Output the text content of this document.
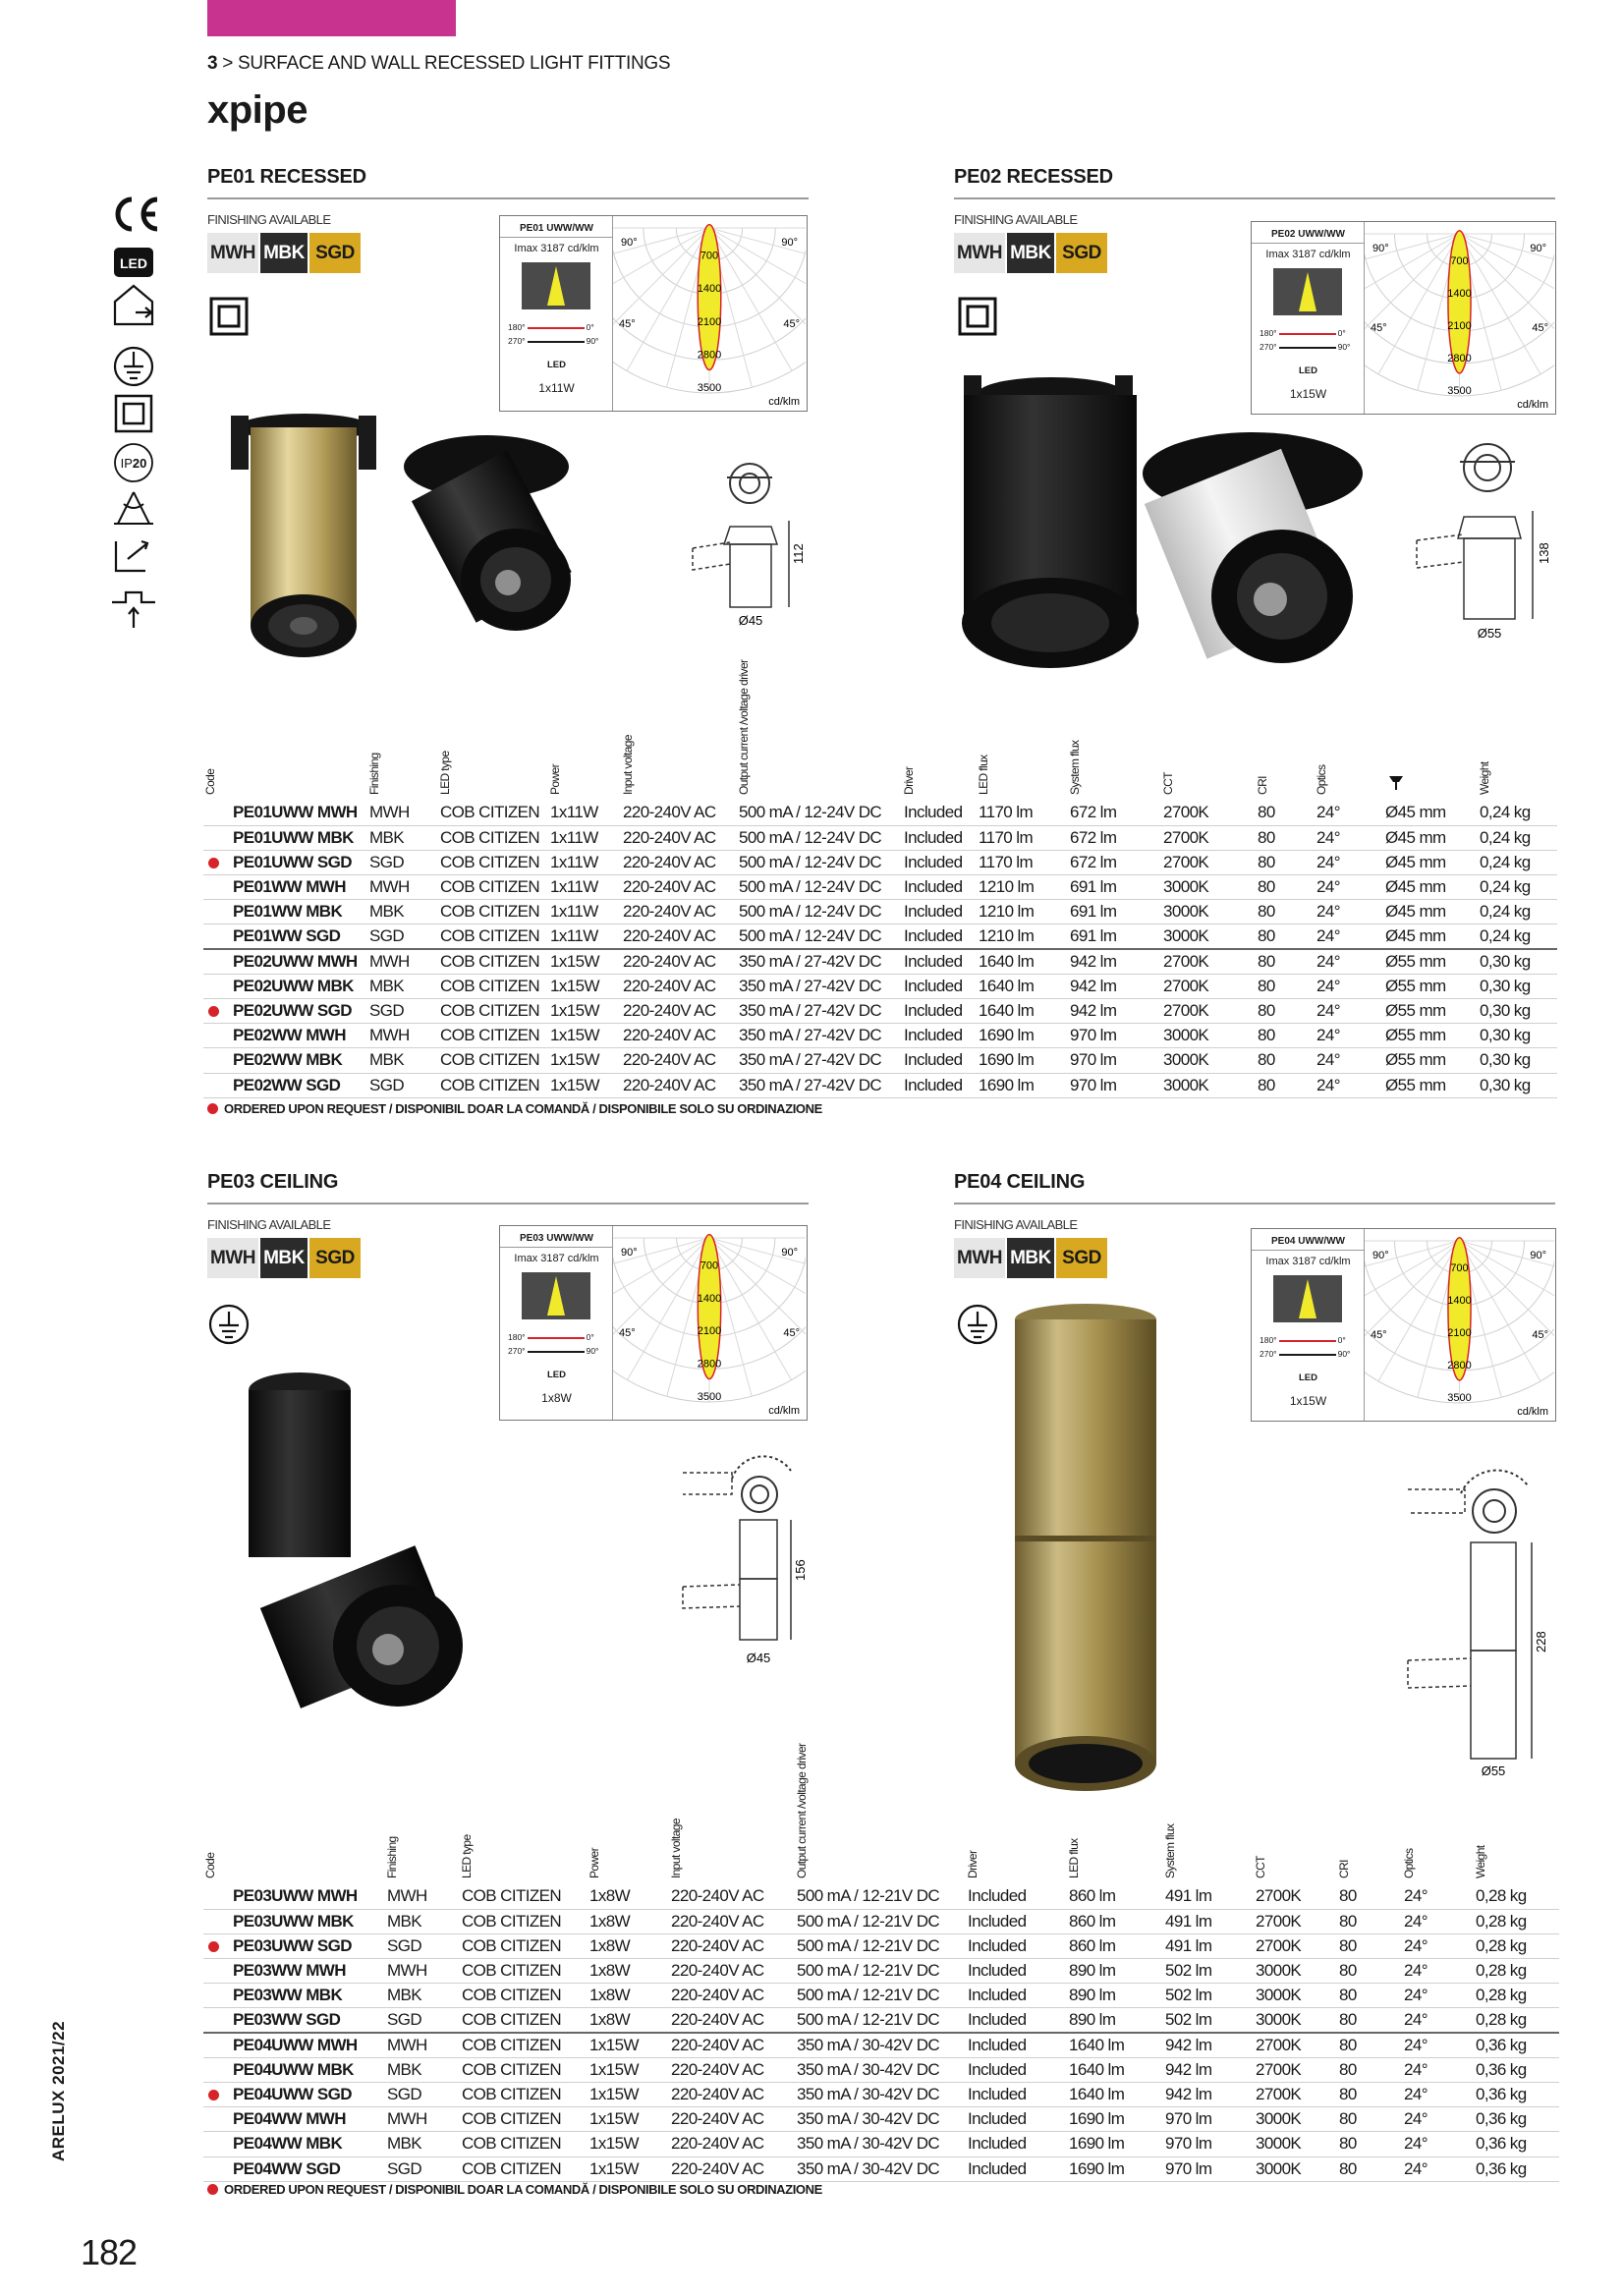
3 > SURFACE AND WALL RECESSED LIGHT FITTINGS
xpipe
LED
IP20
PE01 RECESSED
FINISHING AVAILABLE
MWH MBK SGD
PE01 UWW/WW
Imax 3187 cd/klm
180°	0°
270°	90°
LED
1x11W
90°	90°
45°	45°
cd/klm
700
1400
2100
2800
3500
112
Ø45
PE02 RECESSED
FINISHING AVAILABLE
MWH MBK SGD
PE02 UWW/WW
Imax 3187 cd/klm
180°	0°
270°	90°
LED
1x15W
90°	90°
45°	45°
cd/klm
700
1400
2100
2800
3500
138
Ø55
Code	Finishing	LED type	Power	Input voltage	Output current /voltage driver	Driver	LED flux	System flux	CCT	CRI	Optics		Weight
PE01UWW MWH	MWH	COB CITIZEN	1x11W	220-240V AC	500 mA / 12-24V DC	Included	1170 lm	672 lm	2700K	80	24°	Ø45 mm	0,24 kg
PE01UWW MBK	MBK	COB CITIZEN	1x11W	220-240V AC	500 mA / 12-24V DC	Included	1170 lm	672 lm	2700K	80	24°	Ø45 mm	0,24 kg

PE01UWW SGD	SGD	COB CITIZEN	1x11W	220-240V AC	500 mA / 12-24V DC	Included	1170 lm	672 lm	2700K	80	24°	Ø45 mm	0,24 kg
PE01WW MWH	MWH	COB CITIZEN	1x11W	220-240V AC	500 mA / 12-24V DC	Included	1210 lm	691 lm	3000K	80	24°	Ø45 mm	0,24 kg
PE01WW MBK	MBK	COB CITIZEN	1x11W	220-240V AC	500 mA / 12-24V DC	Included	1210 lm	691 lm	3000K	80	24°	Ø45 mm	0,24 kg
PE01WW SGD	SGD	COB CITIZEN	1x11W	220-240V AC	500 mA / 12-24V DC	Included	1210 lm	691 lm	3000K	80	24°	Ø45 mm	0,24 kg
PE02UWW MWH	MWH	COB CITIZEN	1x15W	220-240V AC	350 mA / 27-42V DC	Included	1640 lm	942 lm	2700K	80	24°	Ø55 mm	0,30 kg
PE02UWW MBK	MBK	COB CITIZEN	1x15W	220-240V AC	350 mA / 27-42V DC	Included	1640 lm	942 lm	2700K	80	24°	Ø55 mm	0,30 kg

PE02UWW SGD	SGD	COB CITIZEN	1x15W	220-240V AC	350 mA / 27-42V DC	Included	1640 lm	942 lm	2700K	80	24°	Ø55 mm	0,30 kg
PE02WW MWH	MWH	COB CITIZEN	1x15W	220-240V AC	350 mA / 27-42V DC	Included	1690 lm	970 lm	3000K	80	24°	Ø55 mm	0,30 kg
PE02WW MBK	MBK	COB CITIZEN	1x15W	220-240V AC	350 mA / 27-42V DC	Included	1690 lm	970 lm	3000K	80	24°	Ø55 mm	0,30 kg
PE02WW SGD	SGD	COB CITIZEN	1x15W	220-240V AC	350 mA / 27-42V DC	Included	1690 lm	970 lm	3000K	80	24°	Ø55 mm	0,30 kg
ORDERED UPON REQUEST / DISPONIBIL DOAR LA COMANDĂ / DISPONIBILE SOLO SU ORDINAZIONE
PE03 CEILING
FINISHING AVAILABLE
MWH MBK SGD
PE03 UWW/WW
Imax 3187 cd/klm
180°	0°
270°	90°
LED
1x8W
90°	90°
45°	45°
cd/klm
700
1400
2100
2800
3500
156
Ø45
PE04 CEILING
FINISHING AVAILABLE
MWH MBK SGD
PE04 UWW/WW
Imax 3187 cd/klm
180°	0°
270°	90°
LED
1x15W
90°	90°
45°	45°
cd/klm
700
1400
2100
2800
3500
228
Ø55
Code	Finishing	LED type	Power	Input voltage	Output current /voltage driver	Driver	LED flux	System flux	CCT	CRI	Optics	Weight
PE03UWW MWH	MWH	COB CITIZEN	1x8W	220-240V AC	500 mA / 12-21V DC	Included	860 lm	491 lm	2700K	80	24°	0,28 kg
PE03UWW MBK	MBK	COB CITIZEN	1x8W	220-240V AC	500 mA / 12-21V DC	Included	860 lm	491 lm	2700K	80	24°	0,28 kg

PE03UWW SGD	SGD	COB CITIZEN	1x8W	220-240V AC	500 mA / 12-21V DC	Included	860 lm	491 lm	2700K	80	24°	0,28 kg
PE03WW MWH	MWH	COB CITIZEN	1x8W	220-240V AC	500 mA / 12-21V DC	Included	890 lm	502 lm	3000K	80	24°	0,28 kg
PE03WW MBK	MBK	COB CITIZEN	1x8W	220-240V AC	500 mA / 12-21V DC	Included	890 lm	502 lm	3000K	80	24°	0,28 kg
PE03WW SGD	SGD	COB CITIZEN	1x8W	220-240V AC	500 mA / 12-21V DC	Included	890 lm	502 lm	3000K	80	24°	0,28 kg
PE04UWW MWH	MWH	COB CITIZEN	1x15W	220-240V AC	350 mA / 30-42V DC	Included	1640 lm	942 lm	2700K	80	24°	0,36 kg
PE04UWW MBK	MBK	COB CITIZEN	1x15W	220-240V AC	350 mA / 30-42V DC	Included	1640 lm	942 lm	2700K	80	24°	0,36 kg

PE04UWW SGD	SGD	COB CITIZEN	1x15W	220-240V AC	350 mA / 30-42V DC	Included	1640 lm	942 lm	2700K	80	24°	0,36 kg
PE04WW MWH	MWH	COB CITIZEN	1x15W	220-240V AC	350 mA / 30-42V DC	Included	1690 lm	970 lm	3000K	80	24°	0,36 kg
PE04WW MBK	MBK	COB CITIZEN	1x15W	220-240V AC	350 mA / 30-42V DC	Included	1690 lm	970 lm	3000K	80	24°	0,36 kg
PE04WW SGD	SGD	COB CITIZEN	1x15W	220-240V AC	350 mA / 30-42V DC	Included	1690 lm	970 lm	3000K	80	24°	0,36 kg
ORDERED UPON REQUEST / DISPONIBIL DOAR LA COMANDĂ / DISPONIBILE SOLO SU ORDINAZIONE
ARELUX 2021/22
182
